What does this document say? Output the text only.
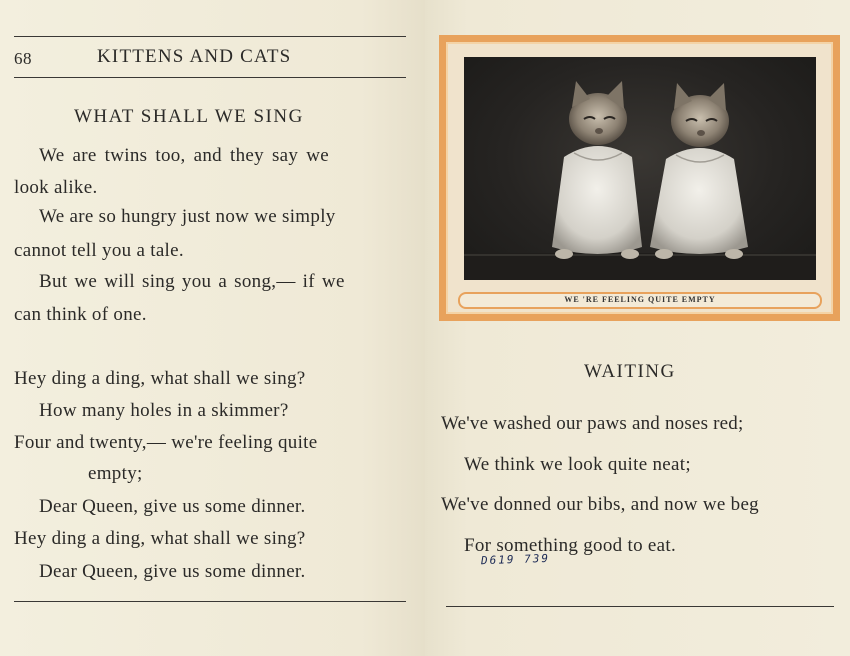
68	KITTENS AND CATS
WHAT SHALL WE SING
We are twins too, and they say we
look alike.
We are so hungry just now we simply
cannot tell you a tale.
But we will sing you a song,— if we
can think of one.
Hey ding a ding, what shall we sing?
How many holes in a skimmer?
Four and twenty,— we're feeling quite
empty;
Dear Queen, give us some dinner.
Hey ding a ding, what shall we sing?
Dear Queen, give us some dinner.
WE 'RE FEELING QUITE EMPTY
WAITING
We've washed our paws and noses red;
We think we look quite neat;
We've donned our bibs, and now we beg
For something good to eat.
D619 739
